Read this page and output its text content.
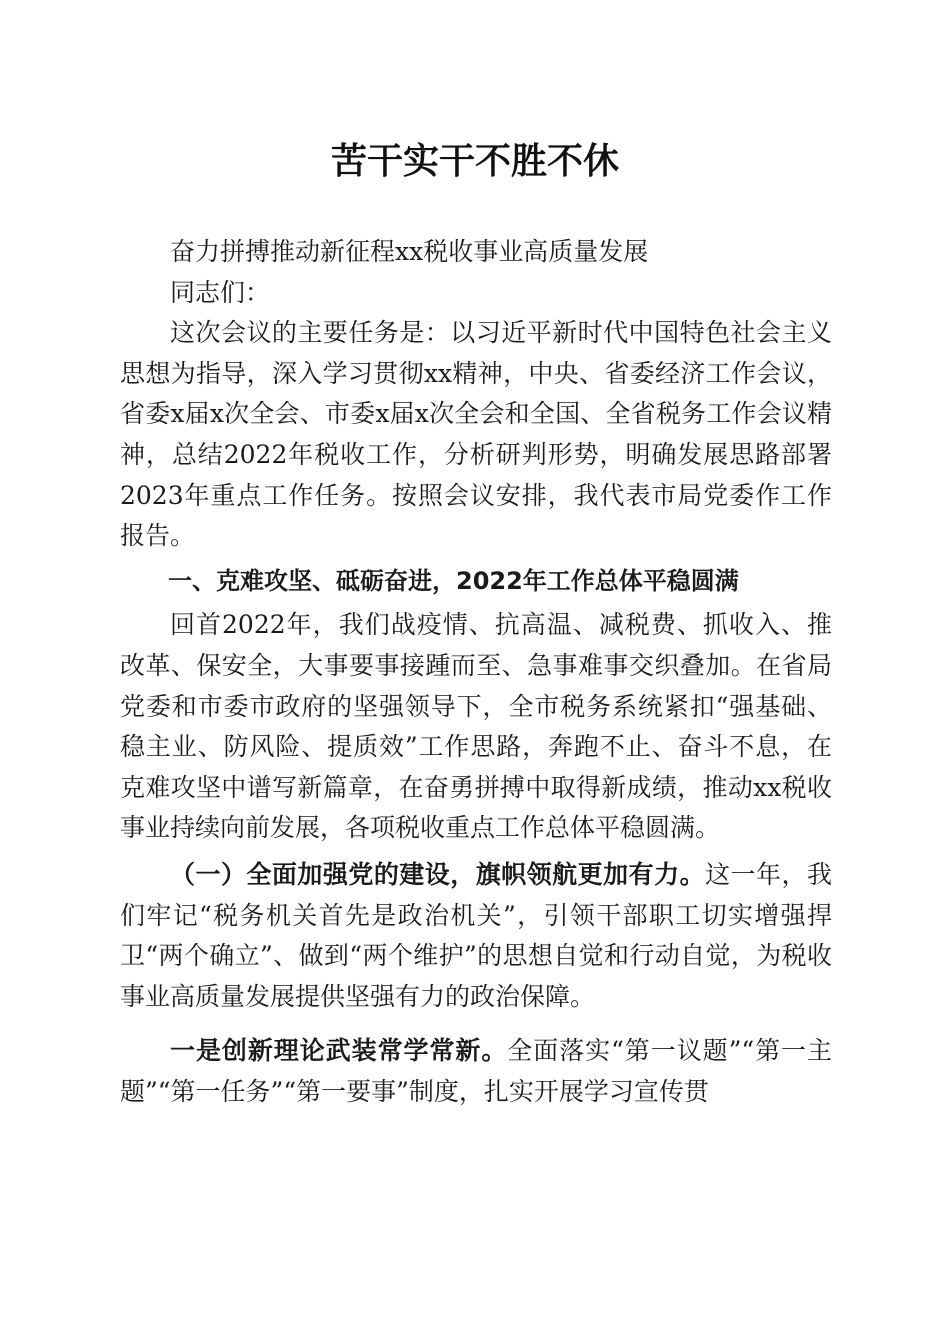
苦干实干不胜不休

奋力拼搏推动新征程xx税收事业高质量发展

同志们：

这次会议的主要任务是：以习近平新时代中国特色社会主义思想为指导，深入学习贯彻xx精神，中央、省委经济工作会议，省委x届x次全会、市委x届x次全会和全国、全省税务工作会议精神，总结2022年税收工作，分析研判形势，明确发展思路部署2023年重点工作任务。按照会议安排，我代表市局党委作工作报告。

一、克难攻坚、砥砺奋进，2022年工作总体平稳圆满

回首2022年，我们战疫情、抗高温、减税费、抓收入、推改革、保安全，大事要事接踵而至、急事难事交织叠加。在省局党委和市委市政府的坚强领导下，全市税务系统紧扣“强基础、稳主业、防风险、提质效”工作思路，奔跑不止、奋斗不息，在克难攻坚中谱写新篇章，在奋勇拼搏中取得新成绩，推动xx税收事业持续向前发展，各项税收重点工作总体平稳圆满。

（一）全面加强党的建设，旗帜领航更加有力。这一年，我们牢记“税务机关首先是政治机关”，引领干部职工切实增强捍卫“两个确立”、做到“两个维护”的思想自觉和行动自觉，为税收事业高质量发展提供坚强有力的政治保障。

一是创新理论武装常学常新。全面落实“第一议题”“第一主题”“第一任务”“第一要事”制度，扎实开展学习宣传贯
